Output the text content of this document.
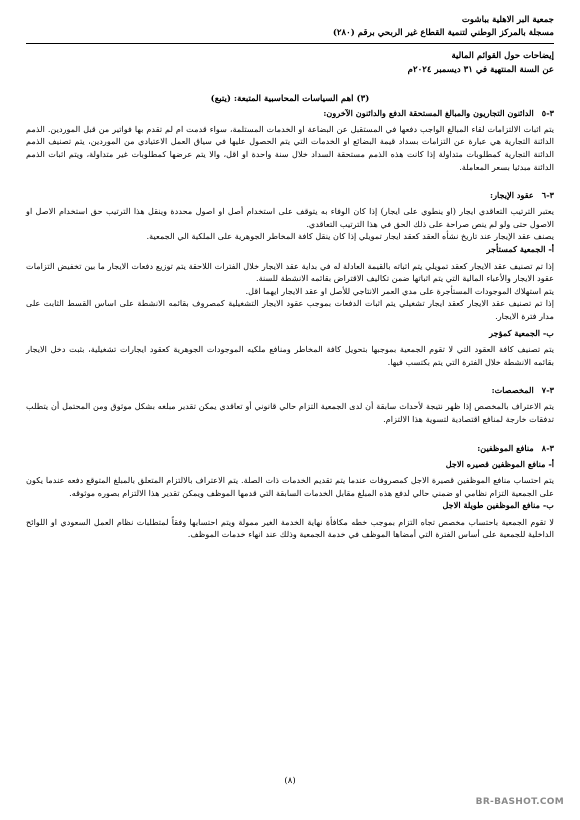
جمعية البر الاهلية بباشوت
مسجلة بالمركز الوطني لتنمية القطاع غير الربحي برقم (٢٨٠)
إيضاحات حول القوائم المالية
عن السنة المنتهية في ٣١ ديسمبر ٢٠٢٤م
(٣) اهم السياسات المحاسبية المتبعة: (يتبع)
٣-٥الدائنون التجاريون والمبالغ المستحقة الدفع والدائنون الآخرون:

يتم اثبات الالتزامات لقاء المبالغ الواجب دفعها في المستقبل عن البضاعة او الخدمات المستلمة، سواء قدمت ام لم تقدم بها فواتير من قبل الموردين. الذمم الدائنة التجارية هي عبارة عن التزامات بسداد قيمة البضائع او الخدمات التي يتم الحصول عليها في سياق العمل الاعتيادي من الموردين، يتم تصنيف الذمم الدائنة التجارية كمطلوبات متداولة إذا كانت هذه الذمم مستحقة السداد خلال سنة واحدة او اقل، والا يتم عرضها كمطلوبات غير متداولة، ويتم اثبات الذمم الدائنة مبدئيا بسعر المعاملة.

٣-٦عقود الإيجار:

يعتبر الترتيب التعاقدي ايجار (او ينطوي على ايجار) إذا كان الوفاء به يتوقف على استخدام أصل او اصول محددة وينقل هذا الترتيب حق استخدام الاصل او الاصول حتى ولو لم ينص صراحة على ذلك الحق في هذا الترتيب التعاقدي.

يصنف عقد الإيجار عند تاريخ نشأه العقد كعقد ايجار تمويلي إذا كان ينقل كافة المخاطر الجوهرية على الملكية الي الجمعية.

أ- الجمعية كمستأجر

إذا تم تصنيف عقد الايجار كعقد تمويلي يتم اثباته بالقيمة العادلة له في بداية عقد الايجار خلال الفترات اللاحقة يتم توزيع دفعات الايجار ما بين تخفيض التزامات عقود الايجار والأعباء المالية التي يتم اثباتها ضمن تكاليف الاقتراض بقائمه الانشطة للسنة.

يتم استهلاك الموجودات المستأجرة على مدي العمر الانتاجي للأصل او عقد الايجار ايهما اقل.

إذا تم تصنيف عقد الايجار كعقد ايجار تشغيلي يتم اثبات الدفعات بموجب عقود الايجار التشغيلية كمصروف بقائمه الانشطة على اساس القسط الثابت على مدار فترة الايجار.

ب- الجمعية كمؤجر

يتم تصنيف كافة العقود التي لا تقوم الجمعية بموجبها بتحويل كافة المخاطر ومنافع ملكيه الموجودات الجوهرية كعقود ايجارات تشغيلية، بثبت دخل الايجار بقائمه الانشطة خلال الفترة التي يتم بكتسب فيها.

٣-٧المخصصات:

يتم الاعتراف بالمخصص إذا ظهر نتيجة لأحداث سابقة أن لدى الجمعية التزام حالي قانوني أو تعاقدي يمكن تقدير مبلغه بشكل موثوق ومن المحتمل أن يتطلب تدفقات خارجة لمنافع اقتصادية لتسوية هذا الالتزام.

٣-٨منافع الموظفين:
أ- منافع الموظفين قصيره الاجل

يتم احتساب منافع الموظفين قصيرة الاجل كمصروفات عندما يتم تقديم الخدمات ذات الصلة. يتم الاعتراف بالالتزام المتعلق بالمبلغ المتوقع دفعه عندما يكون على الجمعية التزام نظامي او ضمني حالي لدفع هذه المبلغ مقابل الخدمات السابقة التي قدمها الموظف ويمكن تقدير هذا الالتزام بصوره موثوقه.

ب- منافع الموظفين طويلة الاجل

لا تقوم الجمعية باحتساب مخصص تجاه التزام بموجب خطه مكافأة نهاية الخدمة الغير ممولة ويتم احتسابها وفقاً لمتطلبات نظام العمل السعودي او اللوائح الداخلية للجمعية على أساس الفترة التي أمضاها الموظف في خدمة الجمعية وذلك عند انهاء خدمات الموظف.

(٨)
BR-BASHOT.COM
